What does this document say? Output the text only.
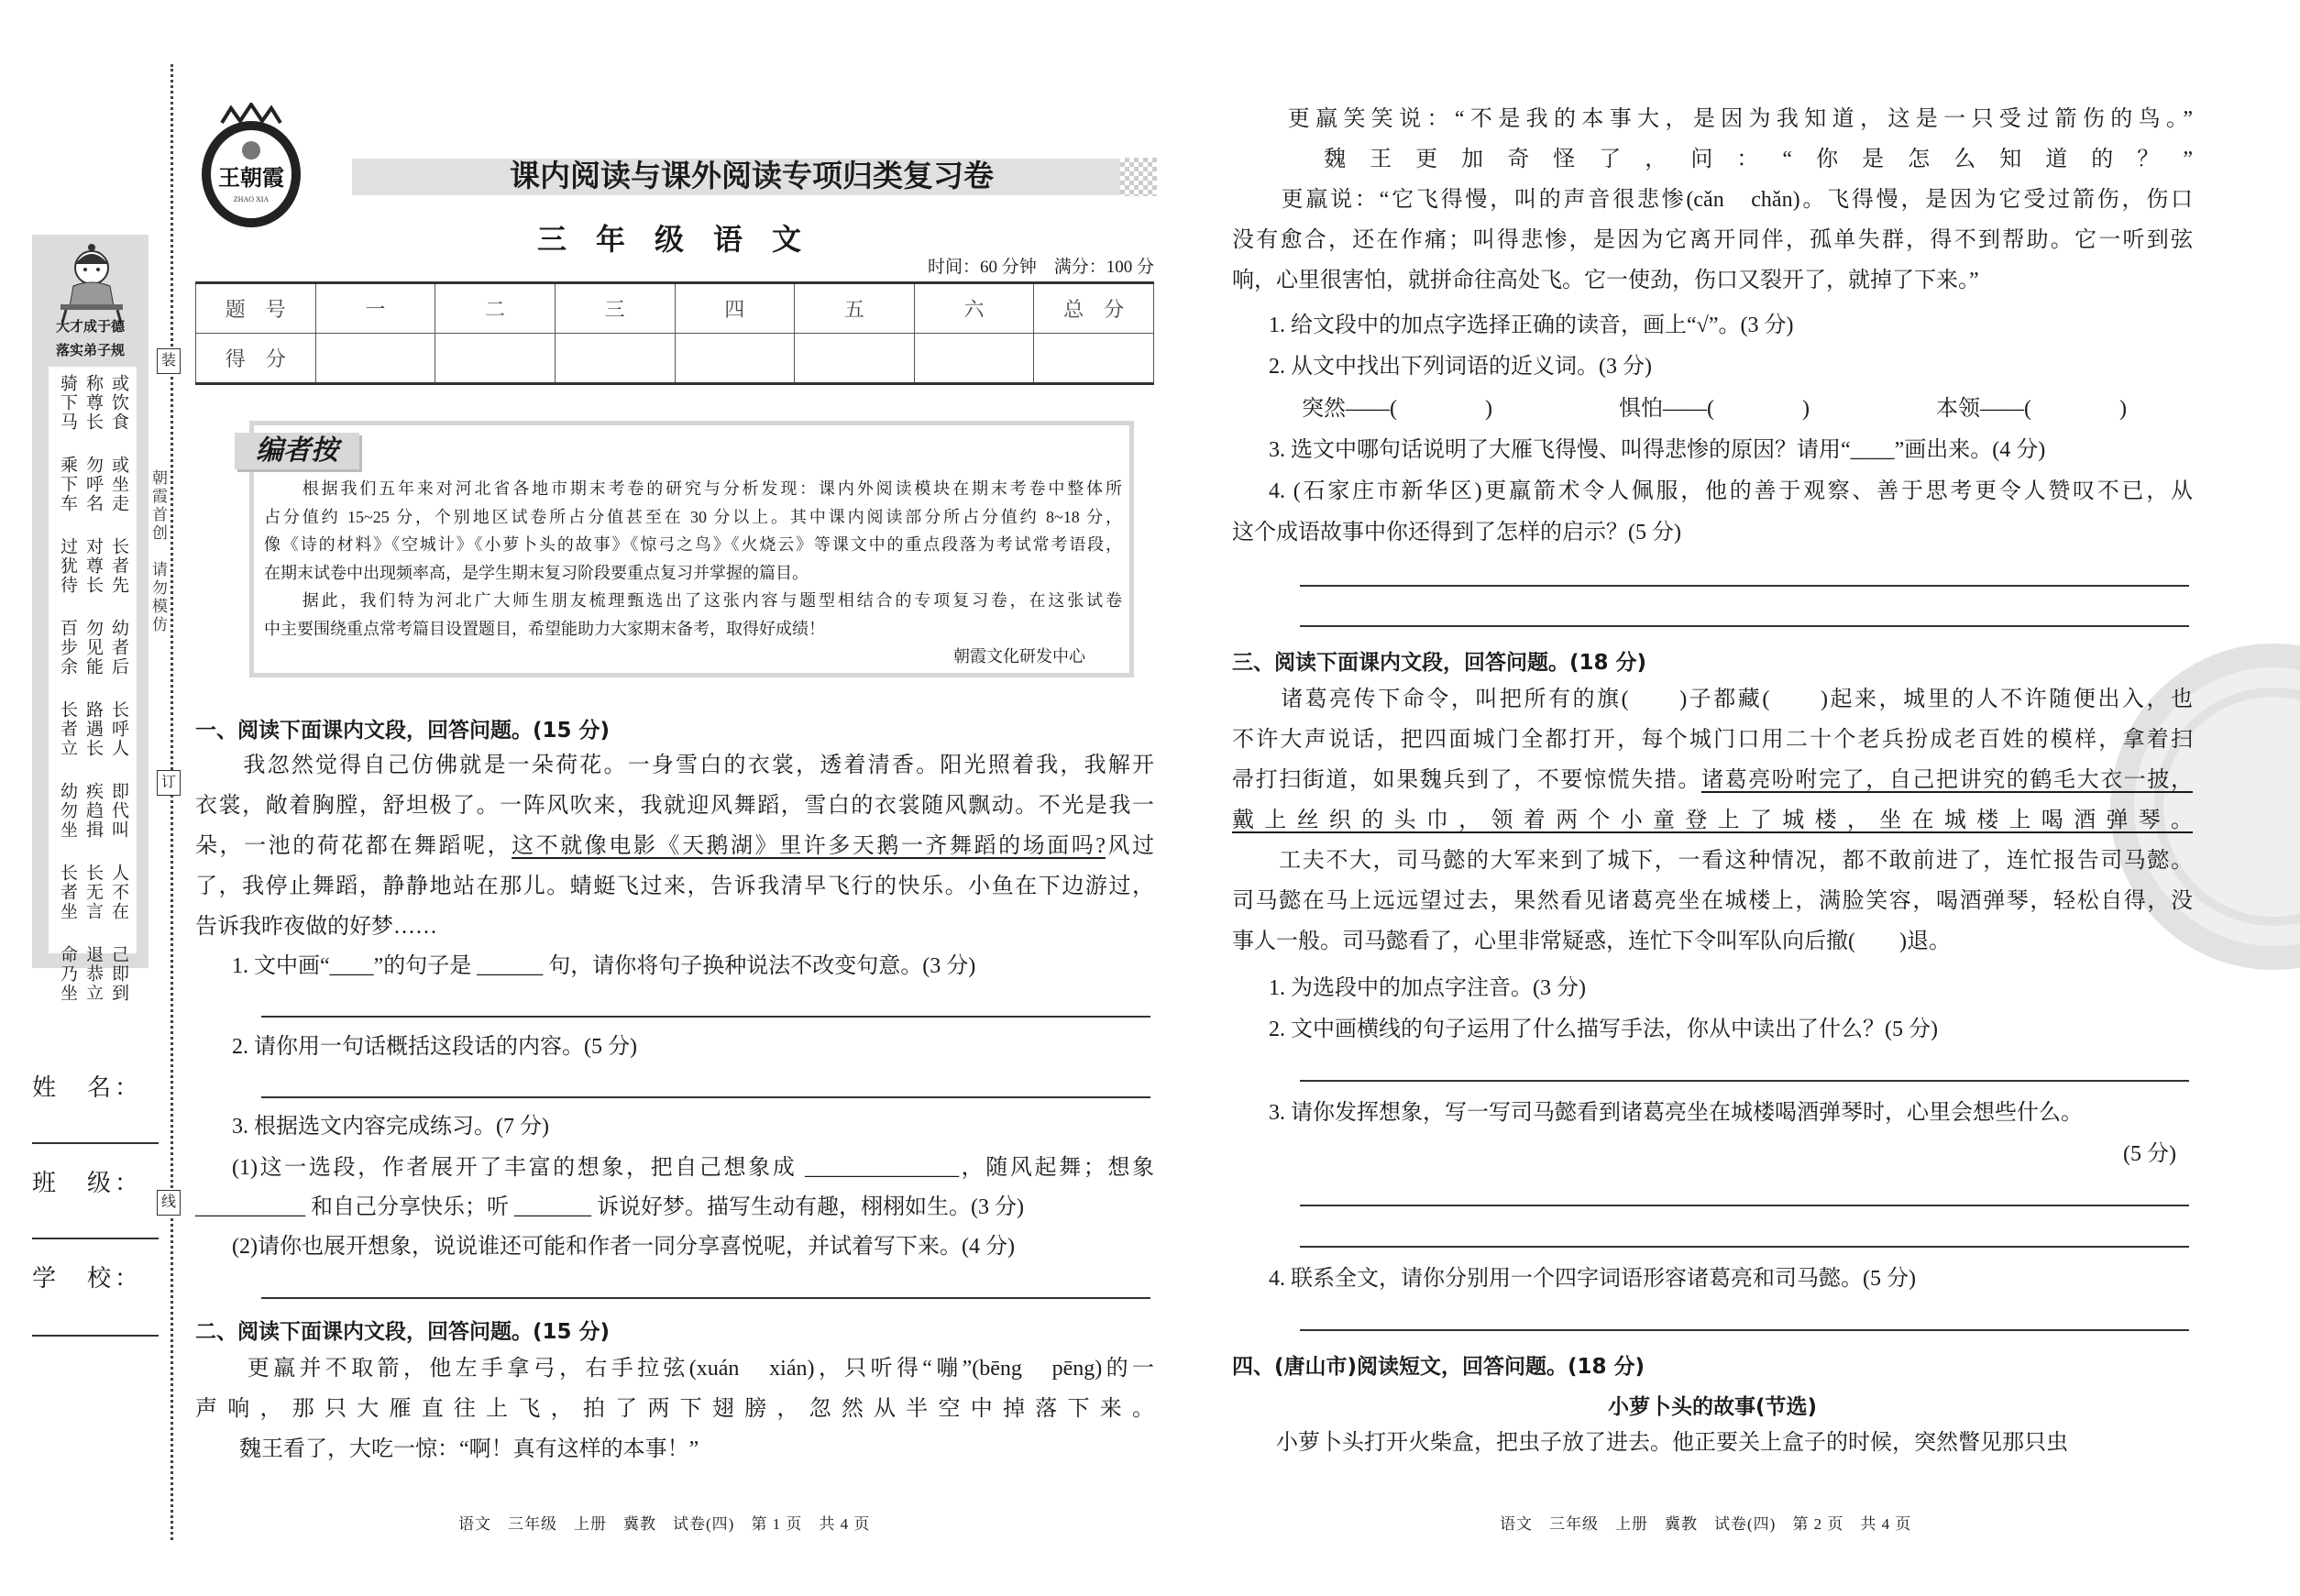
装
订
线
朝霞首创　请勿模仿
大才成于德
落实弟子规
骑下马 称尊长 或饮食
乘下车 勿呼名 或坐走
过犹待 对尊长 长者先
百步余 勿见能 幼者后
长者立 路遇长 长呼人
幼勿坐 疾趋揖 即代叫
长者坐 长无言 人不在
命乃坐 退恭立 己即到
姓　名：
班　级：
学　校：
王朝霞
ZHAO XIA
课内阅读与课外阅读专项归类复习卷
三 年 级 语 文
时间：60 分钟　满分：100 分
题　号	一	二	三	四	五	六	总　分
得　分							
编者按
　　根据我们五年来对河北省各地市期末考卷的研究与分析发现：课内外阅读模块在期末考卷中整体所
占分值约 15~25 分，个别地区试卷所占分值甚至在 30 分以上。其中课内阅读部分所占分值约 8~18 分，
像《诗的材料》《空城计》《小萝卜头的故事》《惊弓之鸟》《火烧云》等课文中的重点段落为考试常考语段，
在期末试卷中出现频率高，是学生期末复习阶段要重点复习并掌握的篇目。
　　据此，我们特为河北广大师生朋友梳理甄选出了这张内容与题型相结合的专项复习卷，在这张试卷
中主要围绕重点常考篇目设置题目，希望能助力大家期末备考，取得好成绩！
朝霞文化研发中心
一、阅读下面课内文段，回答问题。(15 分)
　　我忽然觉得自己仿佛就是一朵荷花。一身雪白的衣裳，透着清香。阳光照着我，我解开
衣裳，敞着胸膛，舒坦极了。一阵风吹来，我就迎风舞蹈，雪白的衣裳随风飘动。不光是我一
朵，一池的荷花都在舞蹈呢，这不就像电影《天鹅湖》里许多天鹅一齐舞蹈的场面吗?风过
了，我停止舞蹈，静静地站在那儿。蜻蜓飞过来，告诉我清早飞行的快乐。小鱼在下边游过，
告诉我昨夜做的好梦……
1. 文中画“____”的句子是 ______ 句，请你将句子换种说法不改变句意。(3 分)
2. 请你用一句话概括这段话的内容。(5 分)
3. 根据选文内容完成练习。(7 分)
(1)这一选段，作者展开了丰富的想象，把自己想象成 ______________，随风起舞；想象
__________ 和自己分享快乐；听 _______ 诉说好梦。描写生动有趣，栩栩如生。(3 分)
(2)请你也展开想象，说说谁还可能和作者一同分享喜悦呢，并试着写下来。(4 分)
二、阅读下面课内文段，回答问题。(15 分)
　　更羸并不取箭，他左手拿弓，右手拉弦(xuán　xián)，只听得“嘣”(bēng　pēng)的一
声响，那只大雁直往上飞，拍了两下翅膀，忽然从半空中掉落下来。
　　魏王看了，大吃一惊：“啊！真有这样的本事！”
语文　三年级　上册　冀教　试卷(四)　第 1 页　共 4 页
　　更羸笑笑说：“不是我的本事大，是因为我知道，这是一只受过箭伤的鸟。”
　　魏王更加奇怪了，问：“你是怎么知道的？”
　　更羸说：“它飞得慢，叫的声音很悲惨(cǎn　chǎn)。飞得慢，是因为它受过箭伤，伤口
没有愈合，还在作痛；叫得悲惨，是因为它离开同伴，孤单失群，得不到帮助。它一听到弦
响，心里很害怕，就拼命往高处飞。它一使劲，伤口又裂开了，就掉了下来。”
1. 给文段中的加点字选择正确的读音，画上“√”。(3 分)
2. 从文中找出下列词语的近义词。(3 分)
突然——(　　　　)	惧怕——(　　　　)	本领——(　　　　)
3. 选文中哪句话说明了大雁飞得慢、叫得悲惨的原因？请用“____”画出来。(4 分)
4. (石家庄市新华区)更羸箭术令人佩服，他的善于观察、善于思考更令人赞叹不已，从
这个成语故事中你还得到了怎样的启示？(5 分)
三、阅读下面课内文段，回答问题。(18 分)
　　诸葛亮传下命令，叫把所有的旗(　　)子都藏(　　)起来，城里的人不许随便出入，也
不许大声说话，把四面城门全都打开，每个城门口用二十个老兵扮成老百姓的模样，拿着扫
帚打扫街道，如果魏兵到了，不要惊慌失措。诸葛亮吩咐完了，自己把讲究的鹤毛大衣一披，
戴上丝织的头巾，领着两个小童登上了城楼，坐在城楼上喝酒弹琴。
　　工夫不大，司马懿的大军来到了城下，一看这种情况，都不敢前进了，连忙报告司马懿。
司马懿在马上远远望过去，果然看见诸葛亮坐在城楼上，满脸笑容，喝酒弹琴，轻松自得，没
事人一般。司马懿看了，心里非常疑惑，连忙下令叫军队向后撤(　　)退。
1. 为选段中的加点字注音。(3 分)
2. 文中画横线的句子运用了什么描写手法，你从中读出了什么？(5 分)
3. 请你发挥想象，写一写司马懿看到诸葛亮坐在城楼喝酒弹琴时，心里会想些什么。
(5 分)
4. 联系全文，请你分别用一个四字词语形容诸葛亮和司马懿。(5 分)
四、(唐山市)阅读短文，回答问题。(18 分)
小萝卜头的故事(节选)
　　小萝卜头打开火柴盒，把虫子放了进去。他正要关上盒子的时候，突然瞥见那只虫
语文　三年级　上册　冀教　试卷(四)　第 2 页　共 4 页
